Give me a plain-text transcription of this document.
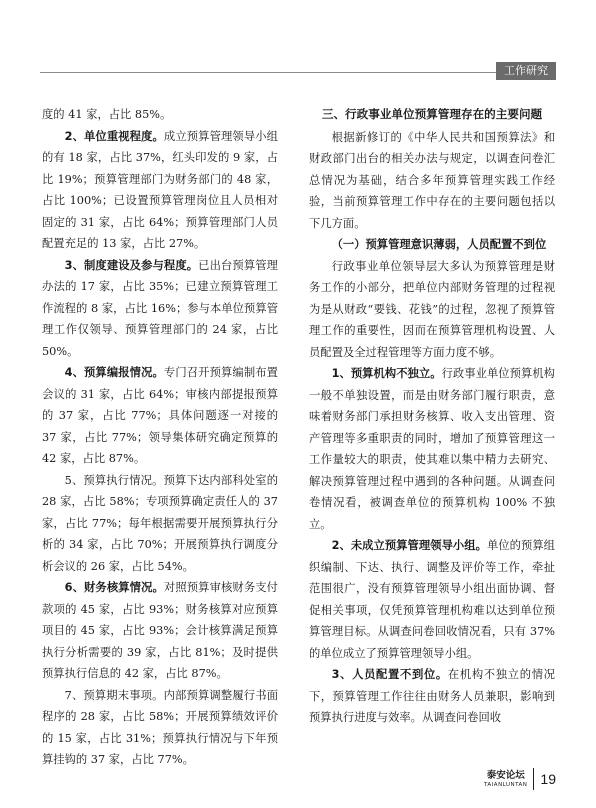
工作研究

度的 41 家，占比 85%。

2、单位重视程度。成立预算管理领导小组的有 18 家，占比 37%，红头印发的 9 家，占比 19%；预算管理部门为财务部门的 48 家，占比 100%；已设置预算管理岗位且人员相对固定的 31 家，占比 64%；预算管理部门人员配置充足的 13 家，占比 27%。

3、制度建设及参与程度。已出台预算管理办法的 17 家，占比 35%；已建立预算管理工作流程的 8 家，占比 16%；参与本单位预算管理工作仅领导、预算管理部门的 24 家，占比 50%。

4、预算编报情况。专门召开预算编制布置会议的 31 家，占比 64%；审核内部提报预算的 37 家，占比 77%；具体问题逐一对接的 37 家，占比 77%；领导集体研究确定预算的 42 家，占比 87%。

5、预算执行情况。预算下达内部科处室的 28 家，占比 58%；专项预算确定责任人的 37 家，占比 77%；每年根据需要开展预算执行分析的 34 家，占比 70%；开展预算执行调度分析会议的 26 家，占比 54%。

6、财务核算情况。对照预算审核财务支付款项的 45 家，占比 93%；财务核算对应预算项目的 45 家，占比 93%；会计核算满足预算执行分析需要的 39 家，占比 81%；及时提供预算执行信息的 42 家，占比 87%。

7、预算期末事项。内部预算调整履行书面程序的 28 家，占比 58%；开展预算绩效评价的 15 家，占比 31%；预算执行情况与下年预算挂钩的 37 家，占比 77%。

三、行政事业单位预算管理存在的主要问题

根据新修订的《中华人民共和国预算法》和财政部门出台的相关办法与规定，以调查问卷汇总情况为基础，结合多年预算管理实践工作经验，当前预算管理工作中存在的主要问题包括以下几方面。

（一）预算管理意识薄弱，人员配置不到位

行政事业单位领导层大多认为预算管理是财务工作的小部分，把单位内部财务管理的过程视为是从财政“要钱、花钱”的过程，忽视了预算管理工作的重要性，因而在预算管理机构设置、人员配置及全过程管理等方面力度不够。

1、预算机构不独立。行政事业单位预算机构一般不单独设置，而是由财务部门履行职责，意味着财务部门承担财务核算、收入支出管理、资产管理等多重职责的同时，增加了预算管理这一工作量较大的职责，使其难以集中精力去研究、解决预算管理过程中遇到的各种问题。从调查问卷情况看，被调查单位的预算机构 100% 不独立。

2、未成立预算管理领导小组。单位的预算组织编制、下达、执行、调整及评价等工作，牵扯范围很广，没有预算管理领导小组出面协调、督促相关事项，仅凭预算管理机构难以达到单位预算管理目标。从调查问卷回收情况看，只有 37% 的单位成立了预算管理领导小组。

3、人员配置不到位。在机构不独立的情况下，预算管理工作往往由财务人员兼职，影响到预算执行进度与效率。从调查问卷回收

泰安论坛
TAIANLUNTAN 19
